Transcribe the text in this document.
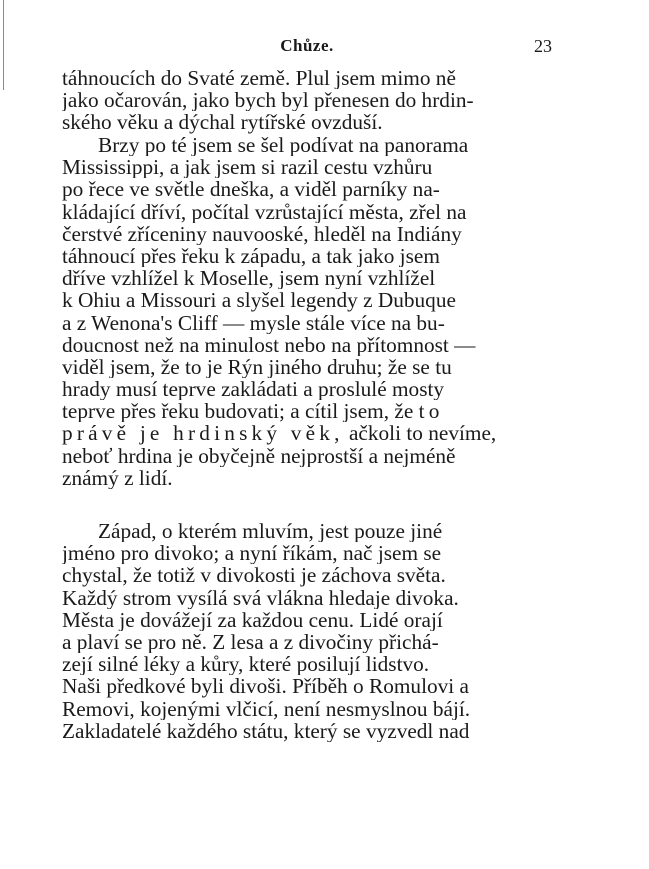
Chůze.	23
táhnoucích do Svaté země. Plul jsem mimo ně
jako očarován, jako bych byl přenesen do hrdin-
ského věku a dýchal rytířské ovzduší.
Brzy po té jsem se šel podívat na panorama
Mississippi, a jak jsem si razil cestu vzhůru
po řece ve světle dneška, a viděl parníky na-
kládající dříví, počítal vzrůstající města, zřel na
čerstvé zříceniny nauvooské, hleděl na Indiány
táhnoucí přes řeku k západu, a tak jako jsem
dříve vzhlížel k Moselle, jsem nyní vzhlížel
k Ohiu a Missouri a slyšel legendy z Dubuque
a z Wenona's Cliff — mysle stále více na bu-
doucnost než na minulost nebo na přítomnost —
viděl jsem, že to je Rýn jiného druhu; že se tu
hrady musí teprve zakládati a proslulé mosty
teprve přes řeku budovati; a cítil jsem, že to
právě je hrdinský věk, ačkoli to nevíme,
neboť hrdina je obyčejně nejprostší a nejméně
známý z lidí.
Západ, o kterém mluvím, jest pouze jiné
jméno pro divoko; a nyní říkám, nač jsem se
chystal, že totiž v divokosti je záchova světa.
Každý strom vysílá svá vlákna hledaje divoka.
Města je dovážejí za každou cenu. Lidé orají
a plaví se pro ně. Z lesa a z divočiny přichá-
zejí silné léky a kůry, které posilují lidstvo.
Naši předkové byli divoši. Příběh o Romulovi a
Removi, kojenými vlčicí, není nesmyslnou bájí.
Zakladatelé každého státu, který se vyzvedl nad
